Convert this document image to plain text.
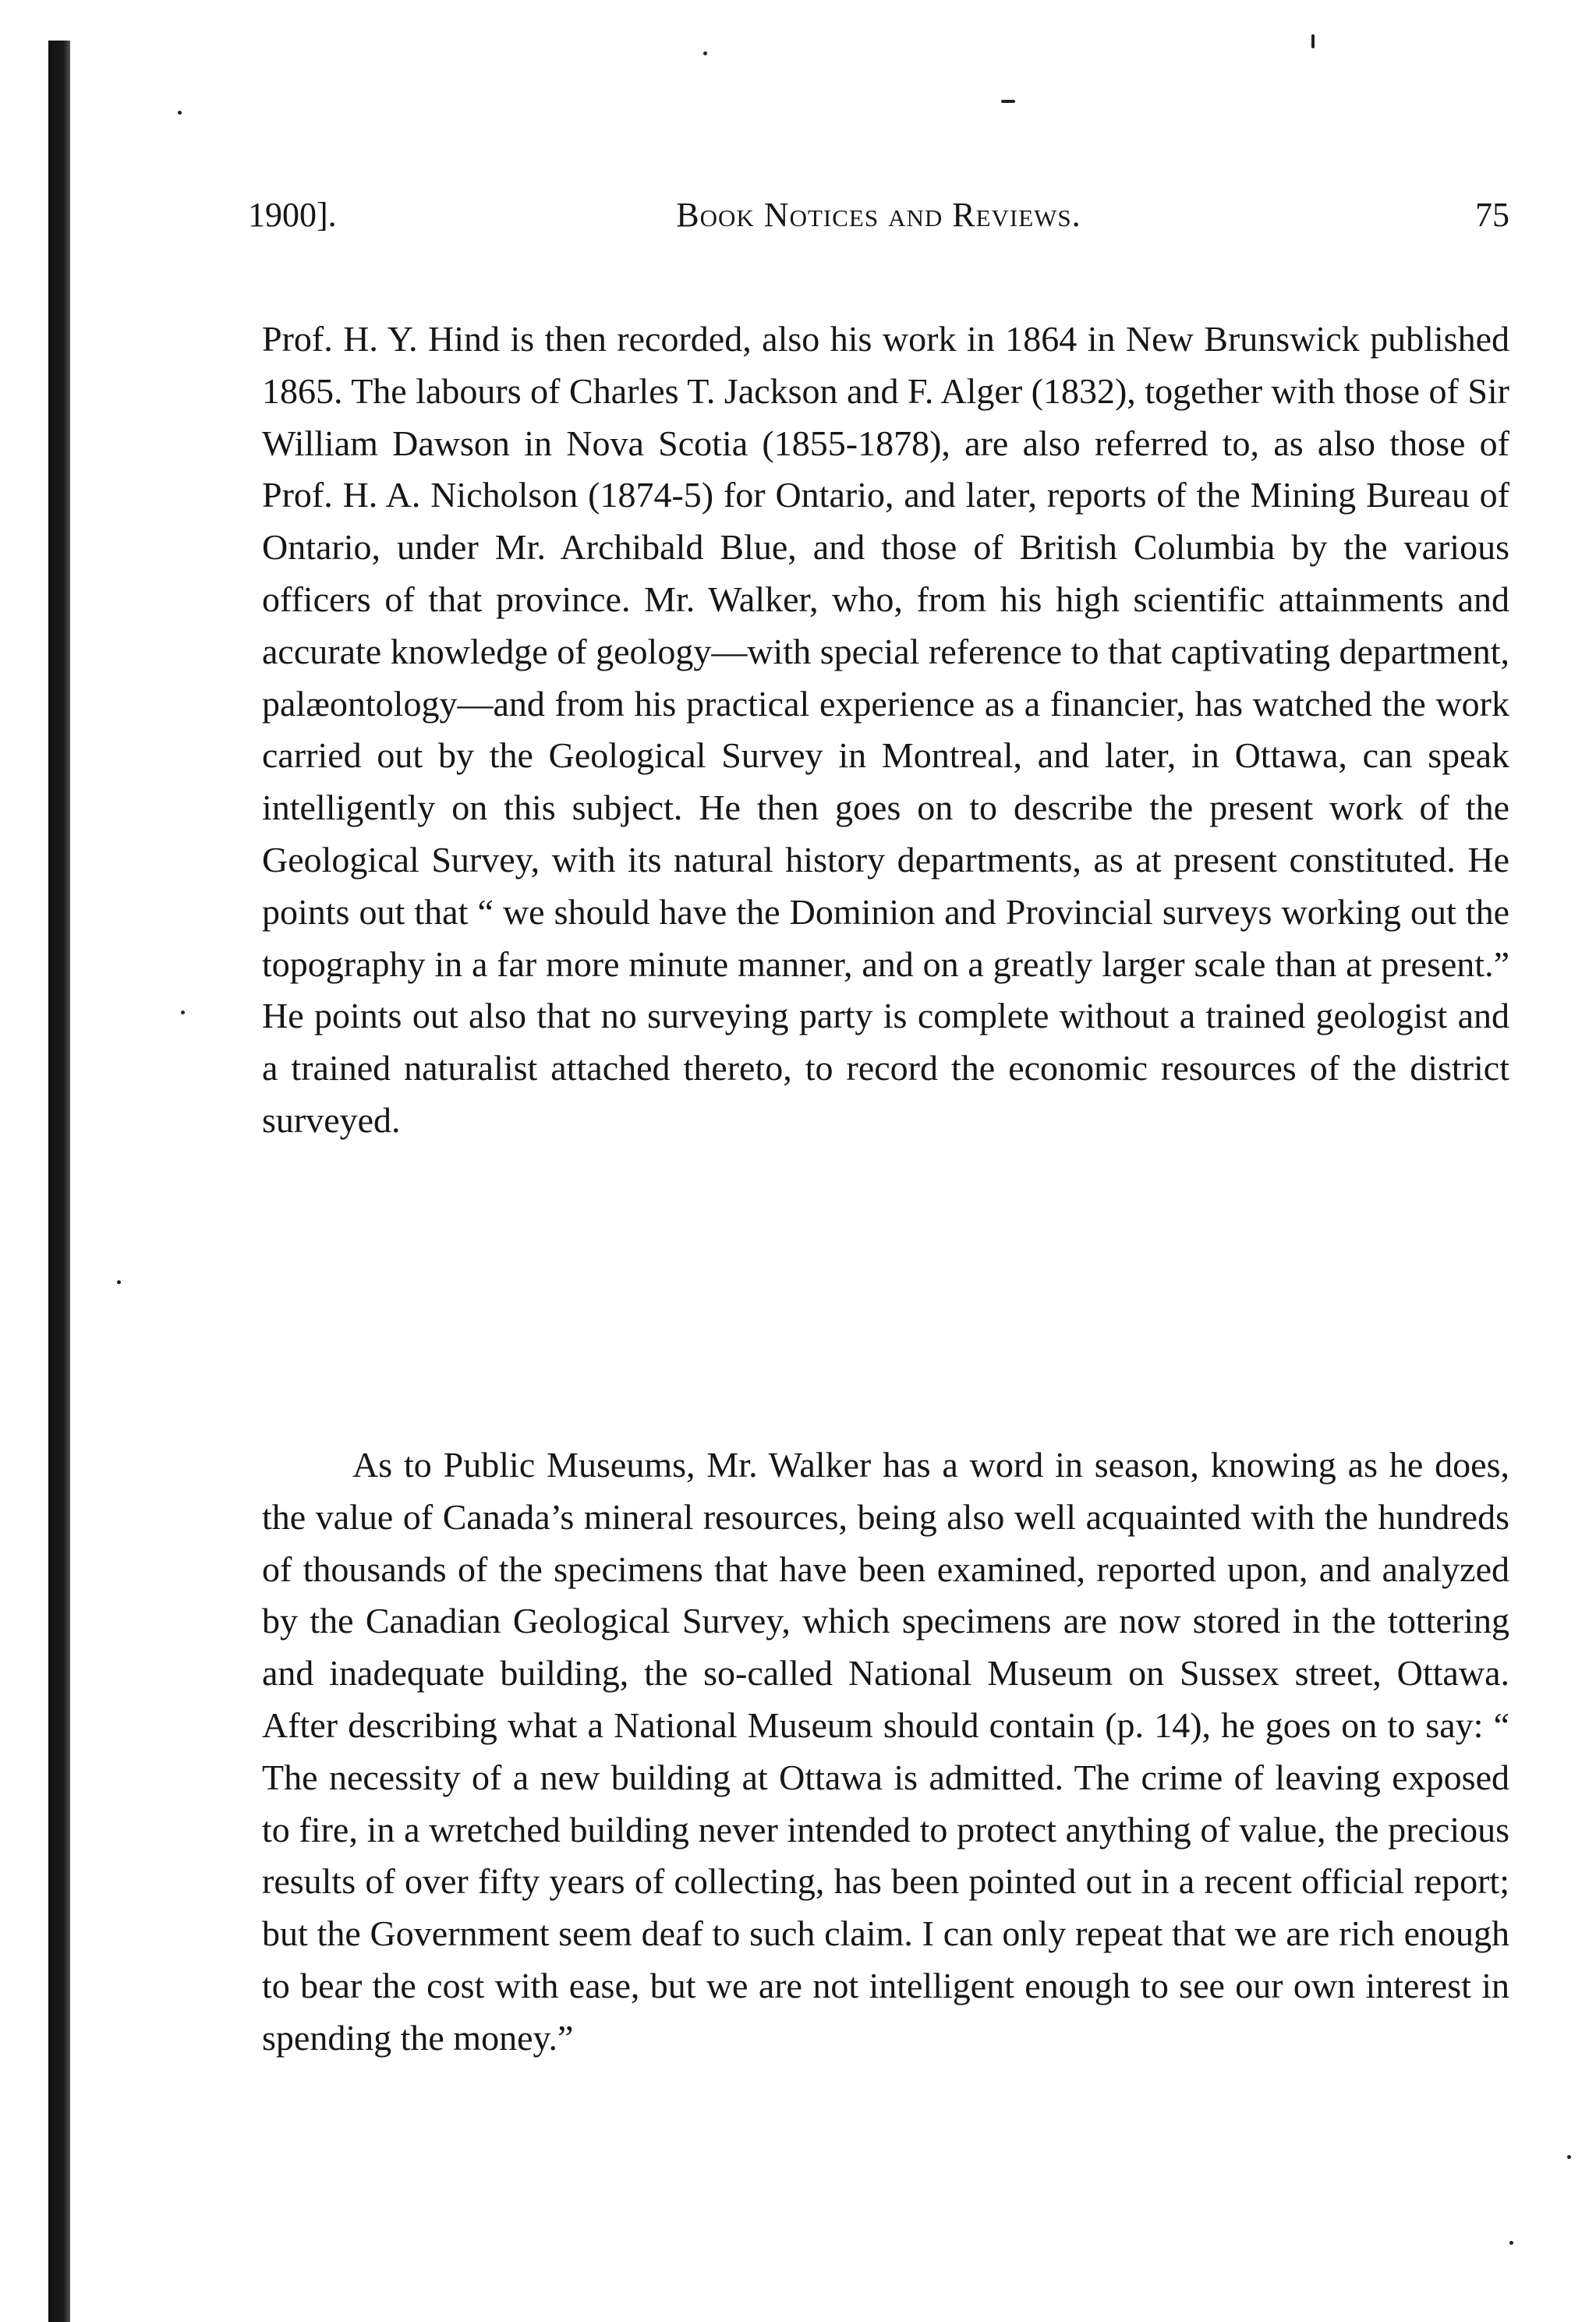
1900].	Book Notices and Reviews.	75

Prof. H. Y. Hind is then recorded, also his work in 1864 in New Brunswick published 1865. The labours of Charles T. Jackson and F. Alger (1832), together with those of Sir William Dawson in Nova Scotia (1855-1878), are also referred to, as also those of Prof. H. A. Nicholson (1874-5) for Ontario, and later, reports of the Mining Bureau of Ontario, under Mr. Archibald Blue, and those of British Columbia by the various officers of that province. Mr. Walker, who, from his high scientific attainments and accurate knowledge of geology—with special reference to that captivating department, palæontology—and from his practical experience as a financier, has watched the work carried out by the Geological Survey in Montreal, and later, in Ottawa, can speak intelligently on this subject. He then goes on to describe the present work of the Geological Survey, with its natural history departments, as at present constituted. He points out that “ we should have the Dominion and Provincial surveys working out the topography in a far more minute manner, and on a greatly larger scale than at present.” He points out also that no surveying party is complete without a trained geologist and a trained naturalist attached thereto, to record the economic resources of the district surveyed.

As to Public Museums, Mr. Walker has a word in season, knowing as he does, the value of Canada’s mineral resources, being also well acquainted with the hundreds of thousands of the specimens that have been examined, reported upon, and analyzed by the Canadian Geological Survey, which specimens are now stored in the tottering and inadequate building, the so-called National Museum on Sussex street, Ottawa. After describing what a National Museum should contain (p. 14), he goes on to say: “ The necessity of a new building at Ottawa is admitted. The crime of leaving exposed to fire, in a wretched building never intended to protect anything of value, the precious results of over fifty years of collecting, has been pointed out in a recent official report; but the Government seem deaf to such claim. I can only repeat that we are rich enough to bear the cost with ease, but we are not intelligent enough to see our own interest in spending the money.”
